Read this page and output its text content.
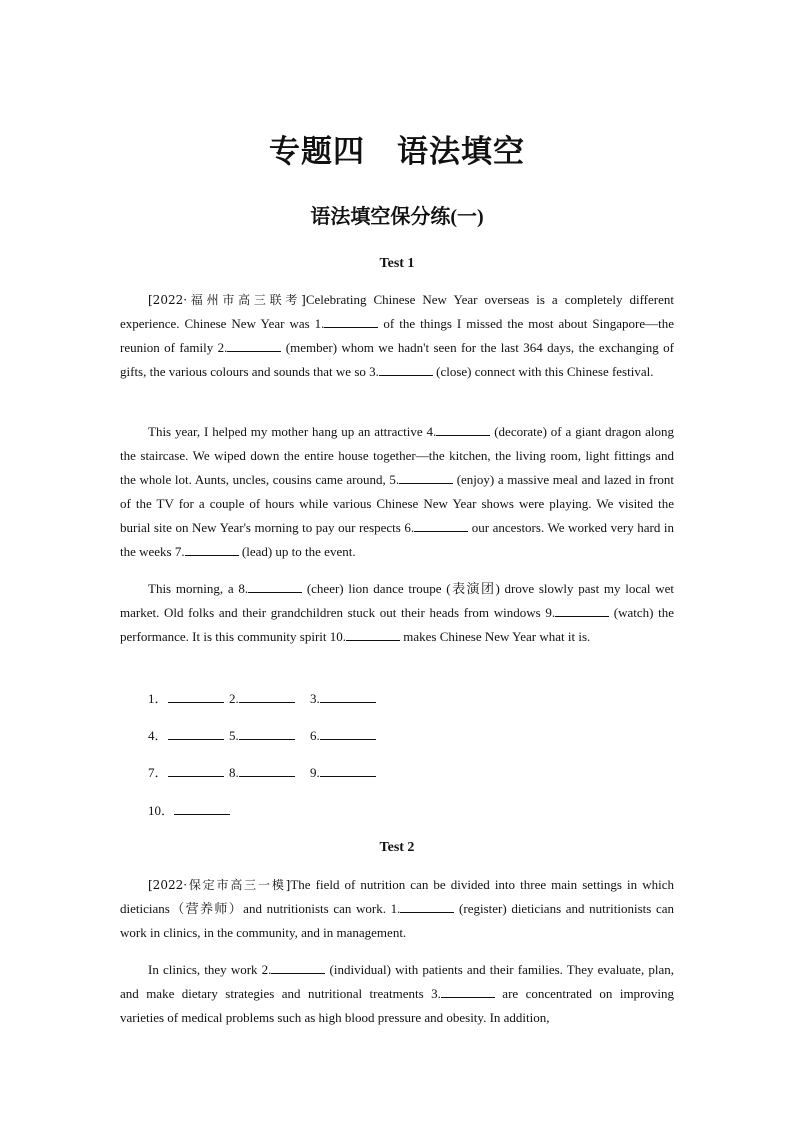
专题四　语法填空
语法填空保分练(一)
Test 1

[2022·福州市高三联考]Celebrating Chinese New Year overseas is a completely different experience. Chinese New Year was 1.	of the things I missed the most about Singapore—the reunion of family 2.	(member) whom we hadn't seen for the last 364 days, the exchanging of gifts, the various colours and sounds that we so 3.	(close) connect with this Chinese festival.

This year, I helped my mother hang up an attractive 4.	(decorate) of a giant dragon along the staircase. We wiped down the entire house together—the kitchen, the living room, light fittings and the whole lot. Aunts, uncles, cousins came around, 5.	(enjoy) a massive meal and lazed in front of the TV for a couple of hours while various Chinese New Year shows were playing. We visited the burial site on New Year's morning to pay our respects 6.	our ancestors. We worked very hard in the weeks 7.	(lead) up to the event.

This morning, a 8.	(cheer) lion dance troupe (表演团) drove slowly past my local wet market. Old folks and their grandchildren stuck out their heads from windows 9.	(watch) the performance. It is this community spirit 10.	makes Chinese New Year what it is.

1．	2.	3.
4．	5.	6.
7．	8.	9.
10．
Test 2

[2022·保定市高三一模]The field of nutrition can be divided into three main settings in which dieticians（营养师）and nutritionists can work. 1.	(register) dieticians and nutritionists can work in clinics, in the community, and in management.

In clinics, they work 2.	(individual) with patients and their families. They evaluate, plan, and make dietary strategies and nutritional treatments 3.	are concentrated on improving varieties of medical problems such as high blood pressure and obesity. In addition,
